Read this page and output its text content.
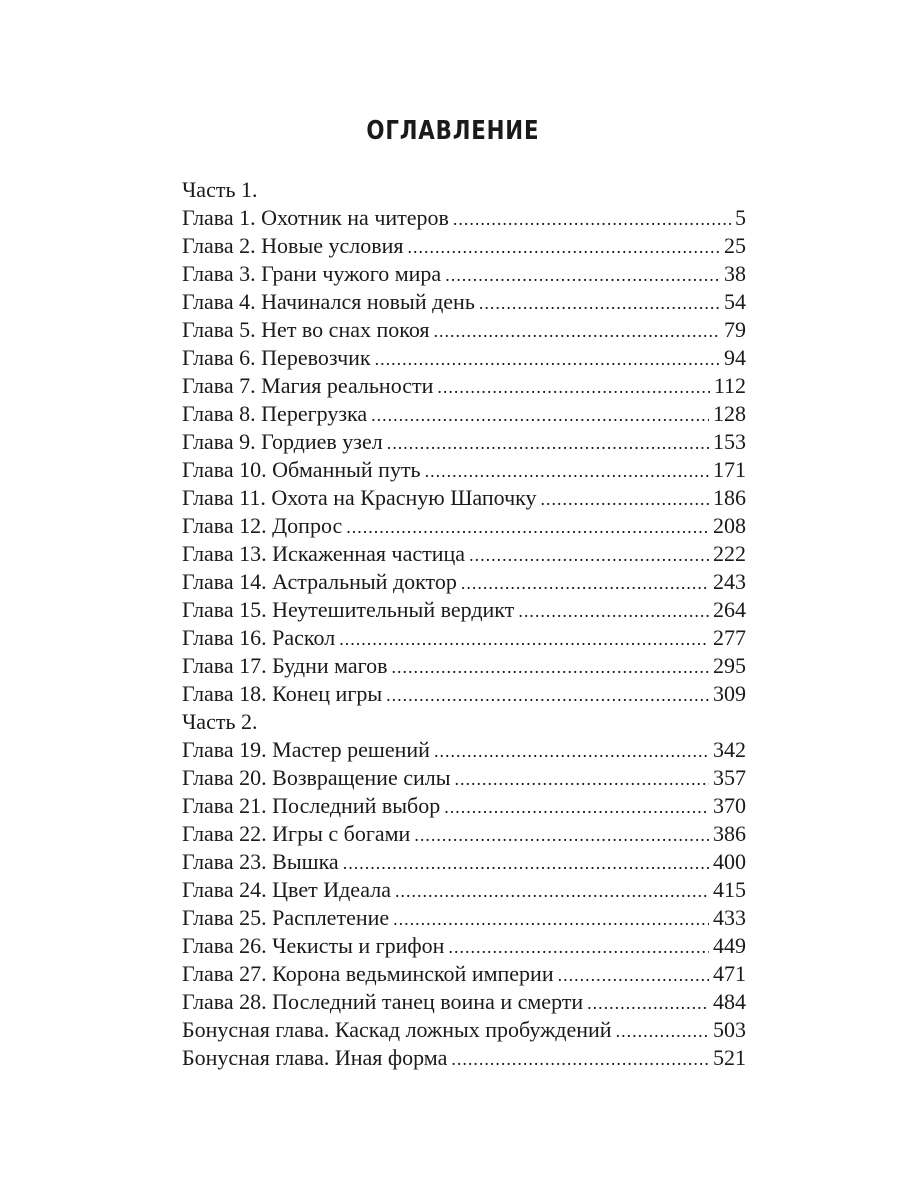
ОГЛАВЛЕНИЕ
Часть 1.
Глава 1. Охотник на читеров .....	5
Глава 2. Новые условия .....	25
Глава 3. Грани чужого мира .....	38
Глава 4. Начинался новый день .....	54
Глава 5. Нет во снах покоя .....	79
Глава 6. Перевозчик .....	94
Глава 7. Магия реальности .....	112
Глава 8. Перегрузка .....	128
Глава 9. Гордиев узел .....	153
Глава 10. Обманный путь .....	171
Глава 11. Охота на Красную Шапочку .....	186
Глава 12. Допрос .....	208
Глава 13. Искаженная частица .....	222
Глава 14. Астральный доктор .....	243
Глава 15. Неутешительный вердикт .....	264
Глава 16. Раскол .....	277
Глава 17. Будни магов .....	295
Глава 18. Конец игры .....	309
Часть 2.
Глава 19. Мастер решений .....	342
Глава 20. Возвращение силы .....	357
Глава 21. Последний выбор .....	370
Глава 22. Игры с богами .....	386
Глава 23. Вышка .....	400
Глава 24. Цвет Идеала .....	415
Глава 25. Расплетение .....	433
Глава 26. Чекисты и грифон .....	449
Глава 27. Корона ведьминской империи .....	471
Глава 28. Последний танец воина и смерти .....	484
Бонусная глава. Каскад ложных пробуждений .....	503
Бонусная глава. Иная форма .....	521
